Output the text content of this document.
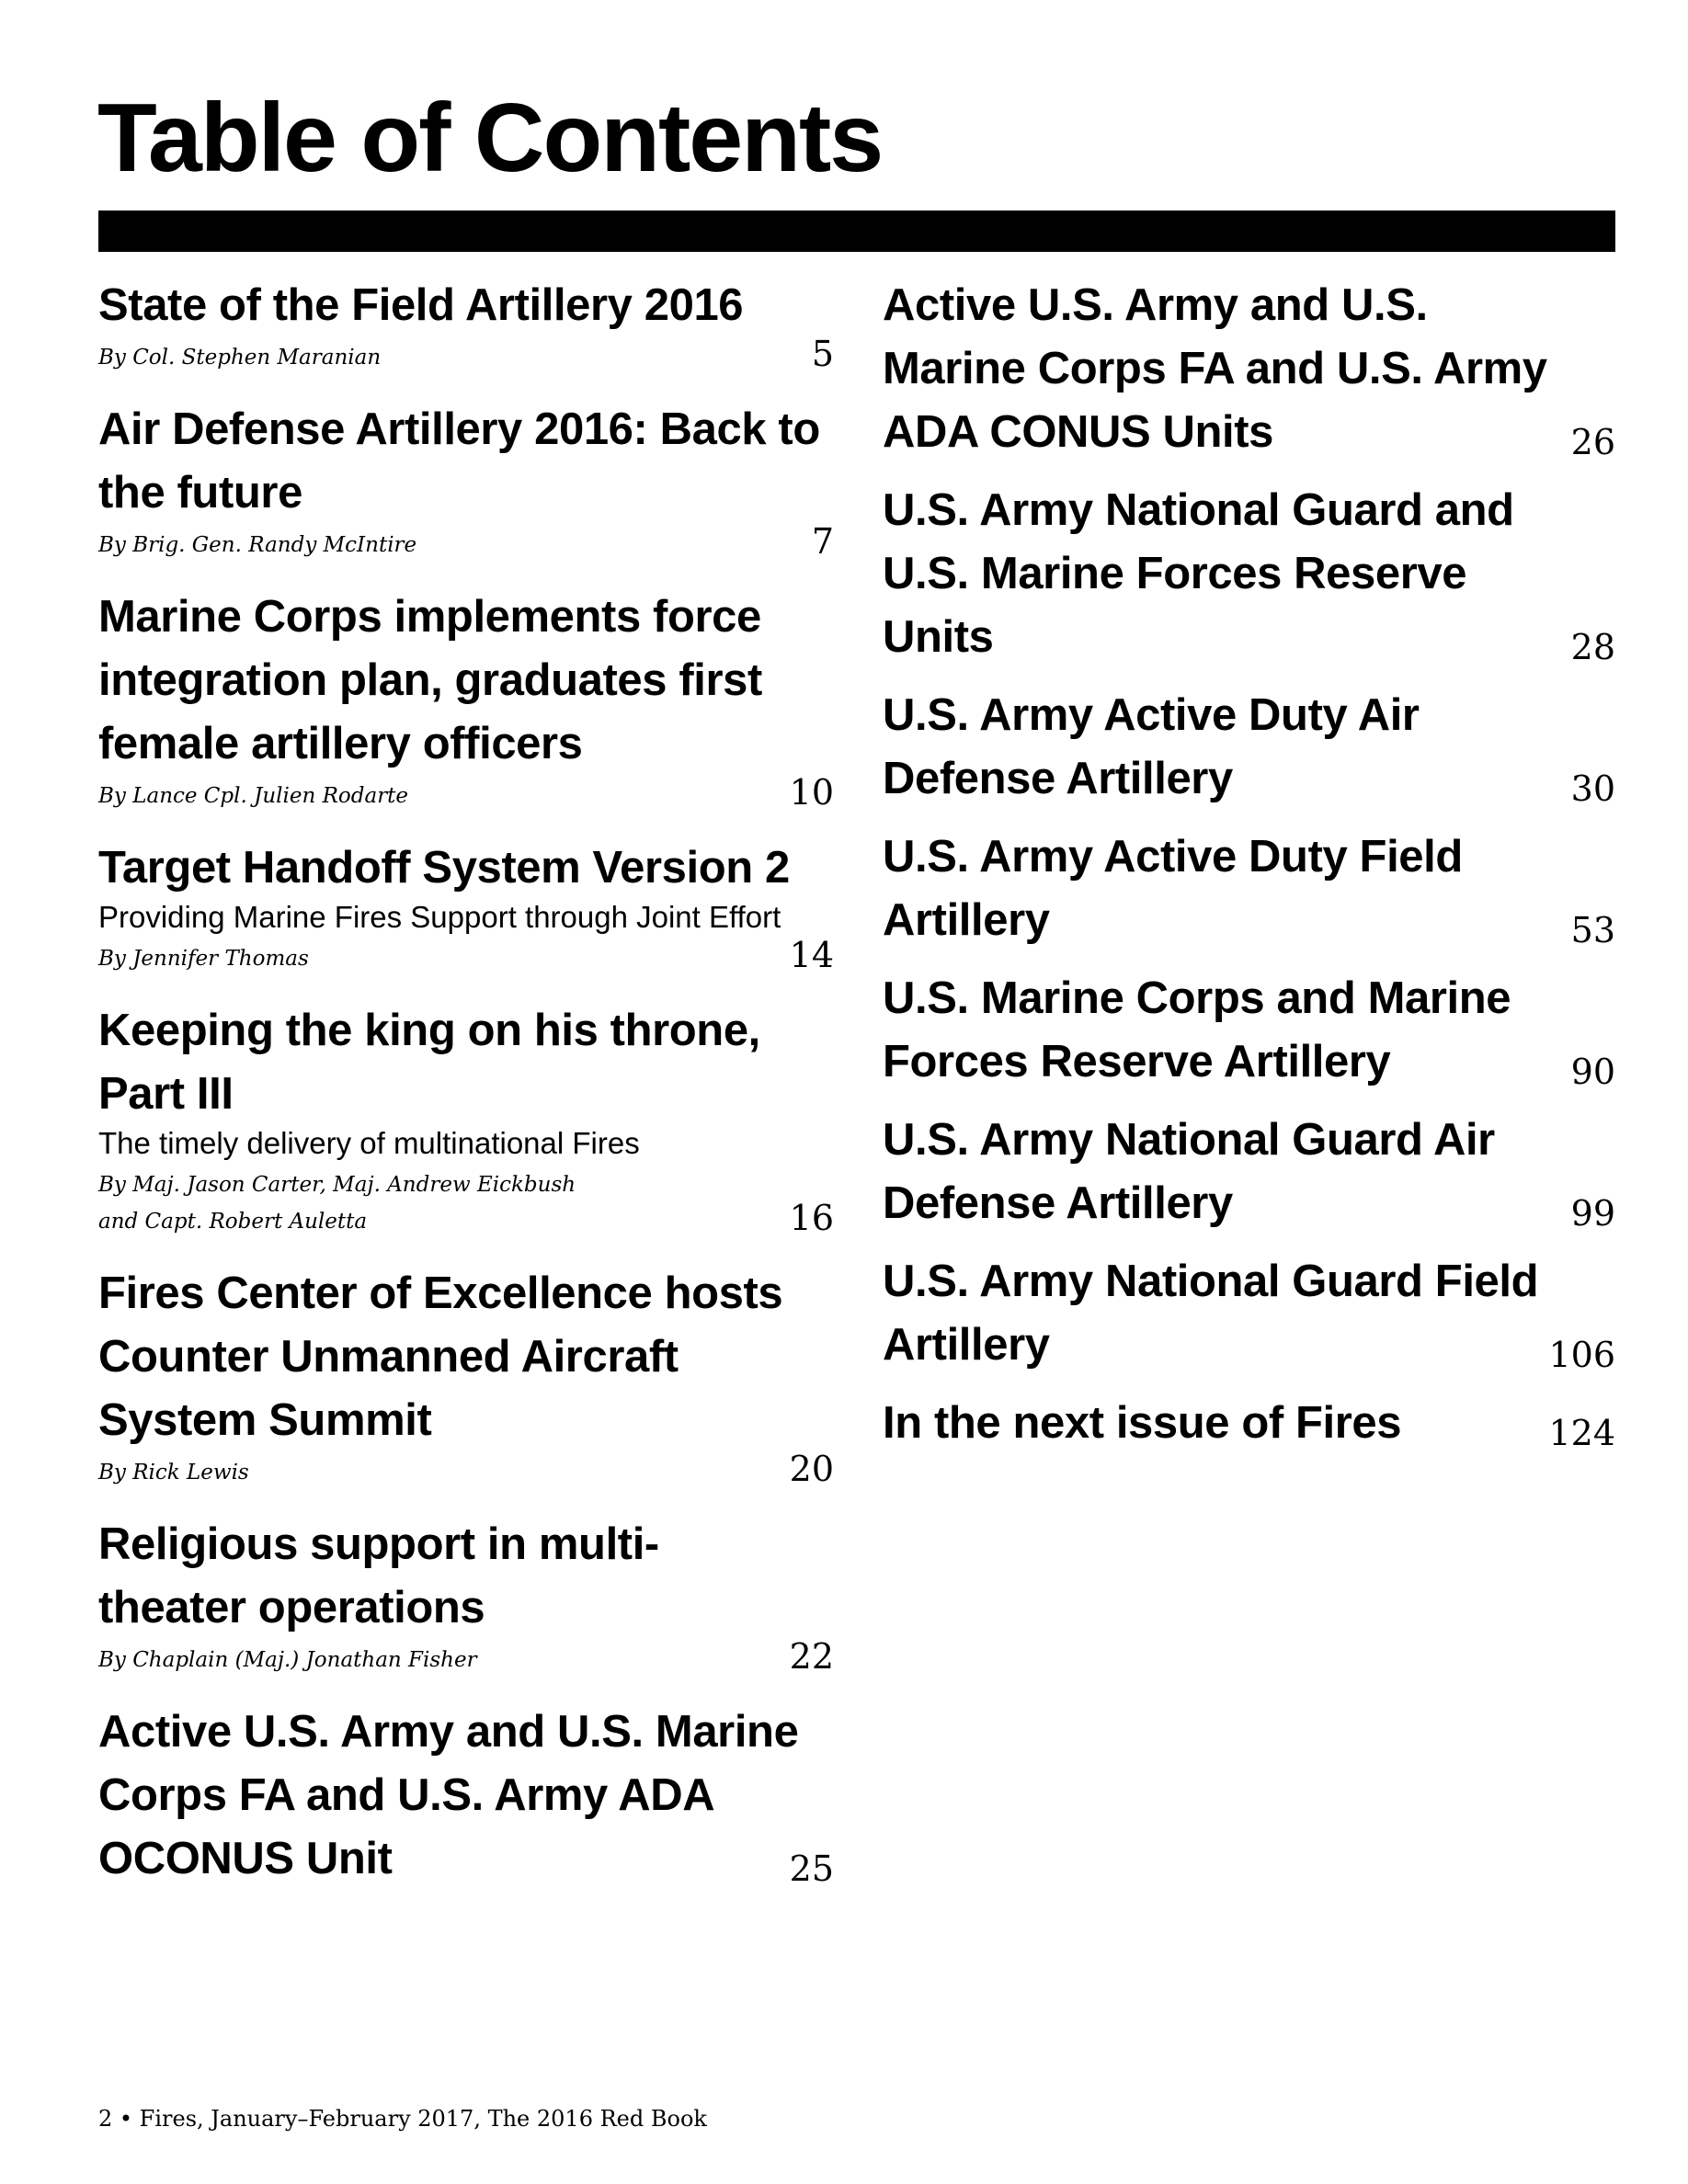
Table of Contents
State of the Field Artillery 2016

By Col. Stephen Maranian	5
Air Defense Artillery 2016: Back to the future

By Brig. Gen. Randy McIntire	7
Marine Corps implements force integration plan, graduates first female artillery officers

By Lance Cpl. Julien Rodarte	10
Target Handoff System Version 2

Providing Marine Fires Support through Joint Effort

By Jennifer Thomas	14
Keeping the king on his throne, Part III

The timely delivery of multinational Fires

By Maj. Jason Carter, Maj. Andrew Eickbush and Capt. Robert Auletta	16
Fires Center of Excellence hosts Counter Unmanned Aircraft System Summit

By Rick Lewis	20
Religious support in multi-theater operations

By Chaplain (Maj.) Jonathan Fisher	22
Active U.S. Army and U.S. Marine Corps FA and U.S. Army ADA OCONUS Unit	25
Active U.S. Army and U.S. Marine Corps FA and U.S. Army ADA CONUS Units	26
U.S. Army National Guard and U.S. Marine Forces Reserve Units	28
U.S. Army Active Duty Air Defense Artillery	30
U.S. Army Active Duty Field Artillery	53
U.S. Marine Corps and Marine Forces Reserve Artillery	90
U.S. Army National Guard Air Defense Artillery	99
U.S. Army National Guard Field Artillery	106
In the next issue of Fires	124
2 • Fires, January–February 2017, The 2016 Red Book
